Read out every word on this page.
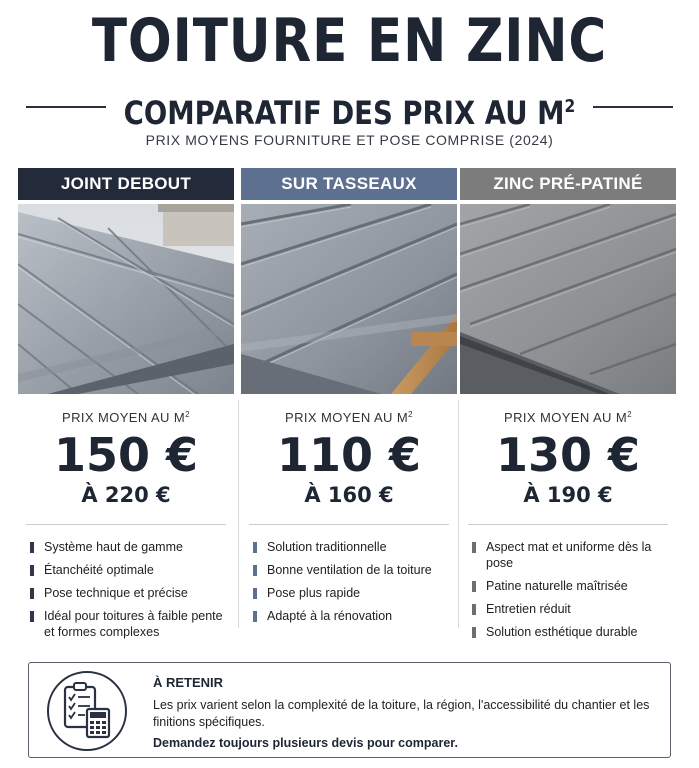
TOITURE EN ZINC
COMPARATIF DES PRIX AU $M^2$
PRIX MOYENS FOURNITURE ET POSE COMPRISE (2024)
JOINT DEBOUT
PRIX MOYEN AU $M^2$
150 €
À 220 €
Système haut de gamme
Étanchéité optimale
Pose technique et précise
Idéal pour toitures à faible pente et formes complexes
SUR TASSEAUX
PRIX MOYEN AU $M^2$
110 €
À 160 €
Solution traditionnelle
Bonne ventilation de la toiture
Pose plus rapide
Adapté à la rénovation
ZINC PRÉ-PATINÉ
PRIX MOYEN AU $M^2$
130 €
À 190 €
Aspect mat et uniforme dès la pose
Patine naturelle maîtrisée
Entretien réduit
Solution esthétique durable
À RETENIR
Les prix varient selon la complexité de la toiture, la région, l'accessibilité du chantier et les finitions spécifiques.
Demandez toujours plusieurs devis pour comparer.
